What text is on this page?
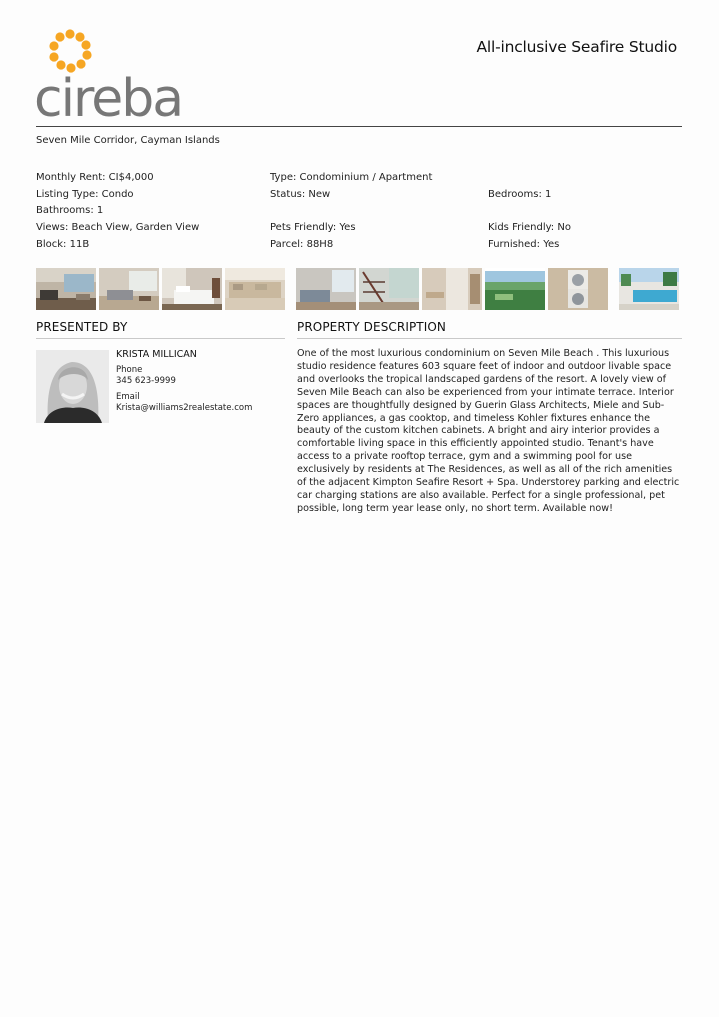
cireba
All-inclusive Seafire Studio
Seven Mile Corridor, Cayman Islands
Monthly Rent: CI$4,000	Type: Condominium / Apartment
Listing Type: Condo	Status: New	Bedrooms: 1
Bathrooms: 1
Views: Beach View, Garden View	Pets Friendly: Yes	Kids Friendly: No
Block: 11B	Parcel: 88H8	Furnished: Yes
PRESENTED BY
KRISTA MILLICAN
Phone
345 623-9999
Email
Krista@williams2realestate.com
PROPERTY DESCRIPTION
One of the most luxurious condominium on Seven Mile Beach . This luxurious studio residence features 603 square feet of indoor and outdoor livable space and overlooks the tropical landscaped gardens of the resort. A lovely view of Seven Mile Beach can also be experienced from your intimate terrace. Interior spaces are thoughtfully designed by Guerin Glass Architects, Miele and Sub-Zero appliances, a gas cooktop, and timeless Kohler fixtures enhance the beauty of the custom kitchen cabinets. A bright and airy interior provides a comfortable living space in this efficiently appointed studio. Tenant's have access to a private rooftop terrace, gym and a swimming pool for use exclusively by residents at The Residences, as well as all of the rich amenities of the adjacent Kimpton Seafire Resort + Spa. Understorey parking and electric car charging stations are also available. Perfect for a single professional, pet possible, long term year lease only, no short term. Available now!
